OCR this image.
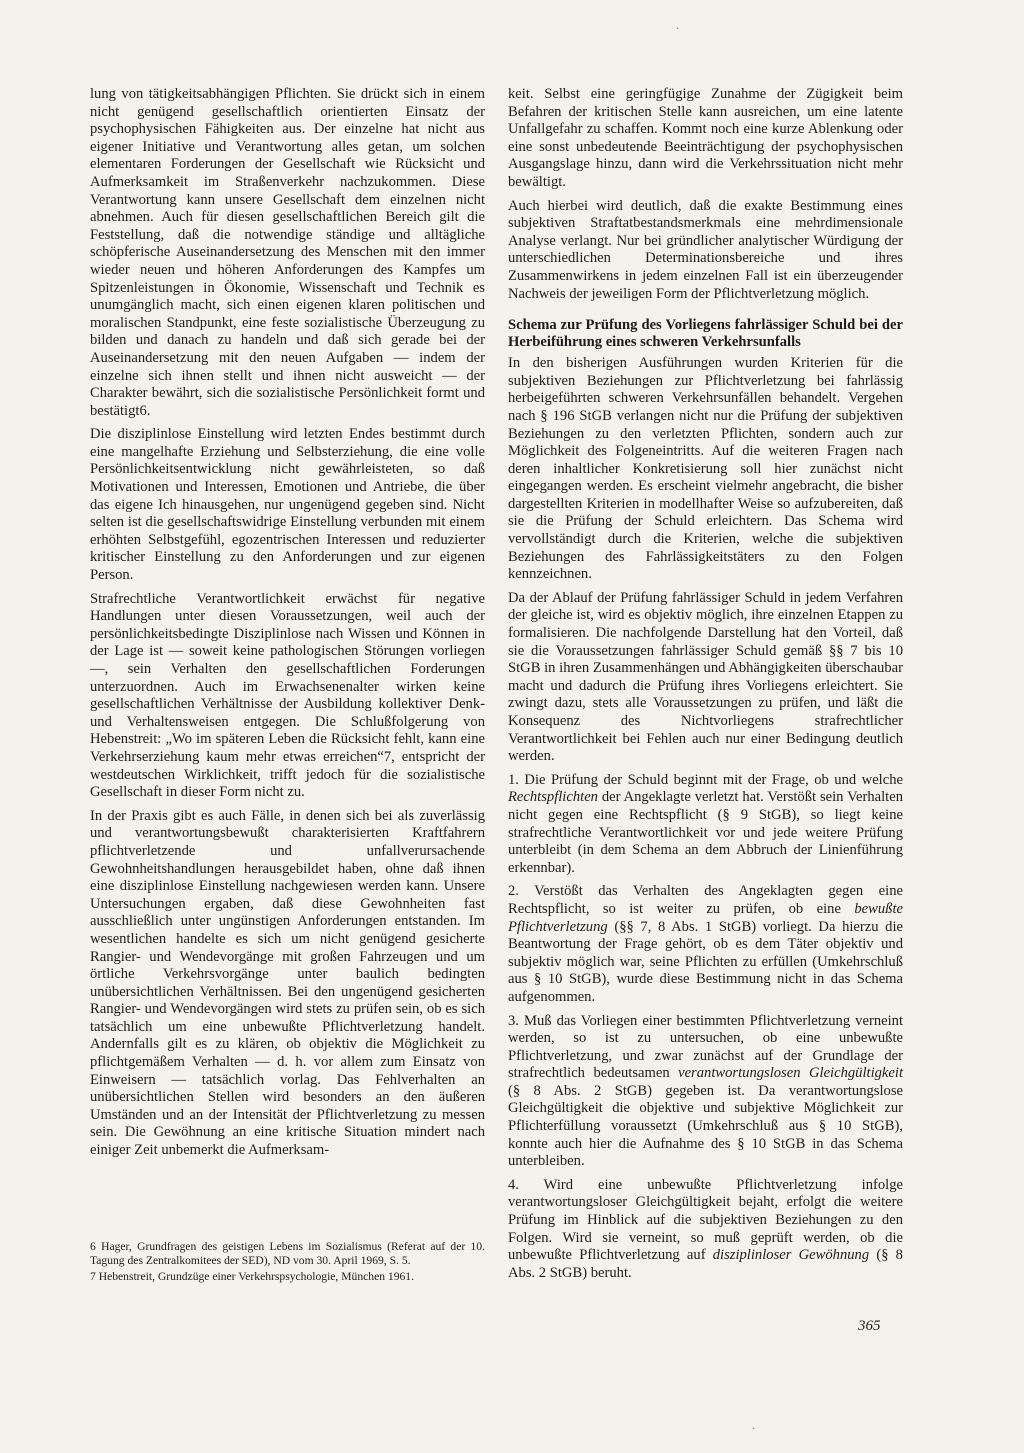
lung von tätigkeitsabhängigen Pflichten. Sie drückt sich in einem nicht genügend gesellschaftlich orientierten Einsatz der psychophysischen Fähigkeiten aus. Der einzelne hat nicht aus eigener Initiative und Verantwortung alles getan, um solchen elementaren Forderungen der Gesellschaft wie Rücksicht und Aufmerksamkeit im Straßenverkehr nachzukommen. Diese Verantwortung kann unsere Gesellschaft dem einzelnen nicht abnehmen. Auch für diesen gesellschaftlichen Bereich gilt die Feststellung, daß die notwendige ständige und alltägliche schöpferische Auseinandersetzung des Menschen mit den immer wieder neuen und höheren Anforderungen des Kampfes um Spitzenleistungen in Ökonomie, Wissenschaft und Technik es unumgänglich macht, sich einen eigenen klaren politischen und moralischen Standpunkt, eine feste sozialistische Überzeugung zu bilden und danach zu handeln und daß sich gerade bei der Auseinandersetzung mit den neuen Aufgaben — indem der einzelne sich ihnen stellt und ihnen nicht ausweicht — der Charakter bewährt, sich die sozialistische Persönlichkeit formt und bestätigt6.

Die disziplinlose Einstellung wird letzten Endes bestimmt durch eine mangelhafte Erziehung und Selbsterziehung, die eine volle Persönlichkeitsentwicklung nicht gewährleisteten, so daß Motivationen und Interessen, Emotionen und Antriebe, die über das eigene Ich hinausgehen, nur ungenügend gegeben sind. Nicht selten ist die gesellschaftswidrige Einstellung verbunden mit einem erhöhten Selbstgefühl, egozentrischen Interessen und reduzierter kritischer Einstellung zu den Anforderungen und zur eigenen Person.

Strafrechtliche Verantwortlichkeit erwächst für negative Handlungen unter diesen Voraussetzungen, weil auch der persönlichkeitsbedingte Disziplinlose nach Wissen und Können in der Lage ist — soweit keine pathologischen Störungen vorliegen —, sein Verhalten den gesellschaftlichen Forderungen unterzuordnen. Auch im Erwachsenenalter wirken keine gesellschaftlichen Verhältnisse der Ausbildung kollektiver Denk- und Verhaltensweisen entgegen. Die Schlußfolgerung von Hebenstreit: „Wo im späteren Leben die Rücksicht fehlt, kann eine Verkehrserziehung kaum mehr etwas erreichen“7, entspricht der westdeutschen Wirklichkeit, trifft jedoch für die sozialistische Gesellschaft in dieser Form nicht zu.

In der Praxis gibt es auch Fälle, in denen sich bei als zuverlässig und verantwortungsbewußt charakterisierten Kraftfahrern pflichtverletzende und unfallverursachende Gewohnheitshandlungen herausgebildet haben, ohne daß ihnen eine disziplinlose Einstellung nachgewiesen werden kann. Unsere Untersuchungen ergaben, daß diese Gewohnheiten fast ausschließlich unter ungünstigen Anforderungen entstanden. Im wesentlichen handelte es sich um nicht genügend gesicherte Rangier- und Wendevorgänge mit großen Fahrzeugen und um örtliche Verkehrsvorgänge unter baulich bedingten unübersichtlichen Verhältnissen. Bei den ungenügend gesicherten Rangier- und Wendevorgängen wird stets zu prüfen sein, ob es sich tatsächlich um eine unbewußte Pflichtverletzung handelt. Andernfalls gilt es zu klären, ob objektiv die Möglichkeit zu pflichtgemäßem Verhalten — d. h. vor allem zum Einsatz von Einweisern — tatsächlich vorlag. Das Fehlverhalten an unübersichtlichen Stellen wird besonders an den äußeren Umständen und an der Intensität der Pflichtverletzung zu messen sein. Die Gewöhnung an eine kritische Situation mindert nach einiger Zeit unbemerkt die Aufmerksam-

6 Hager, Grundfragen des geistigen Lebens im Sozialismus (Referat auf der 10. Tagung des Zentralkomitees der SED), ND vom 30. April 1969, S. 5.

7 Hebenstreit, Grundzüge einer Verkehrspsychologie, München 1961.

keit. Selbst eine geringfügige Zunahme der Zügigkeit beim Befahren der kritischen Stelle kann ausreichen, um eine latente Unfallgefahr zu schaffen. Kommt noch eine kurze Ablenkung oder eine sonst unbedeutende Beeinträchtigung der psychophysischen Ausgangslage hinzu, dann wird die Verkehrssituation nicht mehr bewältigt.

Auch hierbei wird deutlich, daß die exakte Bestimmung eines subjektiven Straftatbestandsmerkmals eine mehrdimensionale Analyse verlangt. Nur bei gründlicher analytischer Würdigung der unterschiedlichen Determinationsbereiche und ihres Zusammenwirkens in jedem einzelnen Fall ist ein überzeugender Nachweis der jeweiligen Form der Pflichtverletzung möglich.

Schema zur Prüfung des Vorliegens fahrlässiger Schuld bei der Herbeiführung eines schweren Verkehrsunfalls

In den bisherigen Ausführungen wurden Kriterien für die subjektiven Beziehungen zur Pflichtverletzung bei fahrlässig herbeigeführten schweren Verkehrsunfällen behandelt. Vergehen nach § 196 StGB verlangen nicht nur die Prüfung der subjektiven Beziehungen zu den verletzten Pflichten, sondern auch zur Möglichkeit des Folgeneintritts. Auf die weiteren Fragen nach deren inhaltlicher Konkretisierung soll hier zunächst nicht eingegangen werden. Es erscheint vielmehr angebracht, die bisher dargestellten Kriterien in modellhafter Weise so aufzubereiten, daß sie die Prüfung der Schuld erleichtern. Das Schema wird vervollständigt durch die Kriterien, welche die subjektiven Beziehungen des Fahrlässigkeitstäters zu den Folgen kennzeichnen.

Da der Ablauf der Prüfung fahrlässiger Schuld in jedem Verfahren der gleiche ist, wird es objektiv möglich, ihre einzelnen Etappen zu formalisieren. Die nachfolgende Darstellung hat den Vorteil, daß sie die Voraussetzungen fahrlässiger Schuld gemäß §§ 7 bis 10 StGB in ihren Zusammenhängen und Abhängigkeiten überschaubar macht und dadurch die Prüfung ihres Vorliegens erleichtert. Sie zwingt dazu, stets alle Voraussetzungen zu prüfen, und läßt die Konsequenz des Nichtvorliegens strafrechtlicher Verantwortlichkeit bei Fehlen auch nur einer Bedingung deutlich werden.

1. Die Prüfung der Schuld beginnt mit der Frage, ob und welche Rechtspflichten der Angeklagte verletzt hat. Verstößt sein Verhalten nicht gegen eine Rechtspflicht (§ 9 StGB), so liegt keine strafrechtliche Verantwortlichkeit vor und jede weitere Prüfung unterbleibt (in dem Schema an dem Abbruch der Linienführung erkennbar).

2. Verstößt das Verhalten des Angeklagten gegen eine Rechtspflicht, so ist weiter zu prüfen, ob eine bewußte Pflichtverletzung (§§ 7, 8 Abs. 1 StGB) vorliegt. Da hierzu die Beantwortung der Frage gehört, ob es dem Täter objektiv und subjektiv möglich war, seine Pflichten zu erfüllen (Umkehrschluß aus § 10 StGB), wurde diese Bestimmung nicht in das Schema aufgenommen.

3. Muß das Vorliegen einer bestimmten Pflichtverletzung verneint werden, so ist zu untersuchen, ob eine unbewußte Pflichtverletzung, und zwar zunächst auf der Grundlage der strafrechtlich bedeutsamen verantwortungslosen Gleichgültigkeit (§ 8 Abs. 2 StGB) gegeben ist. Da verantwortungslose Gleichgültigkeit die objektive und subjektive Möglichkeit zur Pflichterfüllung voraussetzt (Umkehrschluß aus § 10 StGB), konnte auch hier die Aufnahme des § 10 StGB in das Schema unterbleiben.

4. Wird eine unbewußte Pflichtverletzung infolge verantwortungsloser Gleichgültigkeit bejaht, erfolgt die weitere Prüfung im Hinblick auf die subjektiven Beziehungen zu den Folgen. Wird sie verneint, so muß geprüft werden, ob die unbewußte Pflichtverletzung auf disziplinloser Gewöhnung (§ 8 Abs. 2 StGB) beruht.

365
·
·
